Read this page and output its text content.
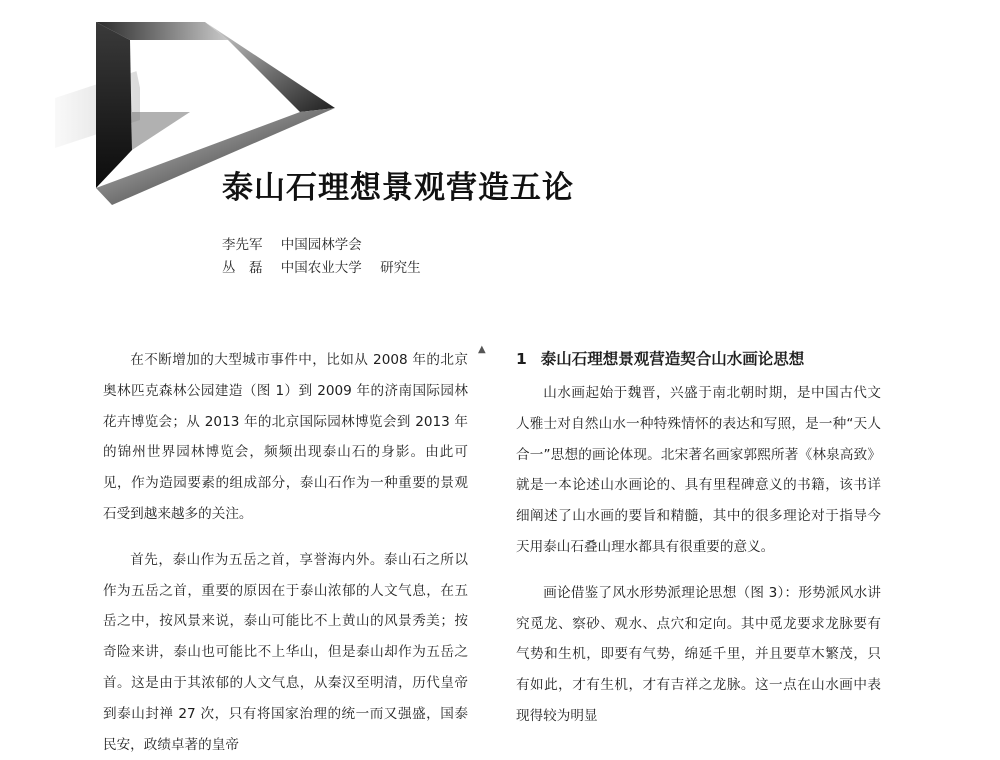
泰山石理想景观营造五论
李先军 中国园林学会
丛　磊 中国农业大学 研究生
▲

在不断增加的大型城市事件中，比如从 2008 年的北京奥林匹克森林公园建造（图 1）到 2009 年的济南国际园林花卉博览会；从 2013 年的北京国际园林博览会到 2013 年的锦州世界园林博览会，频频出现泰山石的身影。由此可见，作为造园要素的组成部分，泰山石作为一种重要的景观石受到越来越多的关注。

首先，泰山作为五岳之首，享誉海内外。泰山石之所以作为五岳之首，重要的原因在于泰山浓郁的人文气息，在五岳之中，按风景来说，泰山可能比不上黄山的风景秀美；按奇险来讲，泰山也可能比不上华山，但是泰山却作为五岳之首。这是由于其浓郁的人文气息，从秦汉至明清，历代皇帝到泰山封禅 27 次，只有将国家治理的统一而又强盛，国泰民安，政绩卓著的皇帝

1 泰山石理想景观营造契合山水画论思想

山水画起始于魏晋，兴盛于南北朝时期，是中国古代文人雅士对自然山水一种特殊情怀的表达和写照，是一种“天人合一”思想的画论体现。北宋著名画家郭熙所著《林泉高致》就是一本论述山水画论的、具有里程碑意义的书籍，该书详细阐述了山水画的要旨和精髓，其中的很多理论对于指导今天用泰山石叠山理水都具有很重要的意义。

画论借鉴了风水形势派理论思想（图 3）：形势派风水讲究觅龙、察砂、观水、点穴和定向。其中觅龙要求龙脉要有气势和生机，即要有气势，绵延千里，并且要草木繁茂，只有如此，才有生机，才有吉祥之龙脉。这一点在山水画中表现得较为明显
